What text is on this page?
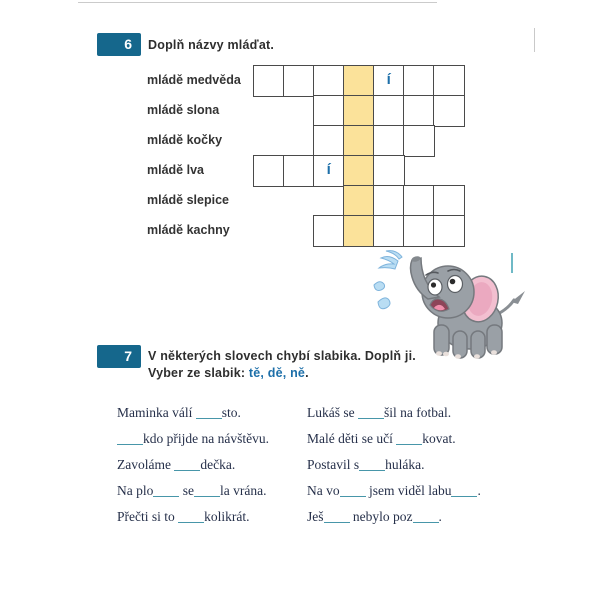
6	Doplň názvy mláďat.
mládě medvěda	í
mládě slona
mládě kočky
mládě lva	í
mládě slepice
mládě kachny
7	V některých slovech chybí slabika. Doplň ji.
Vyber ze slabik: tě, dě, ně.

Maminka válí sto.

kdo přijde na návštěvu.

Zavoláme dečka.

Na plo se la vrána.

Přečti si to kolikrát.

Lukáš se šil na fotbal.

Malé děti se učí kovat.

Postavil s huláka.

Na vo jsem viděl labu .

Ješ nebylo poz .
